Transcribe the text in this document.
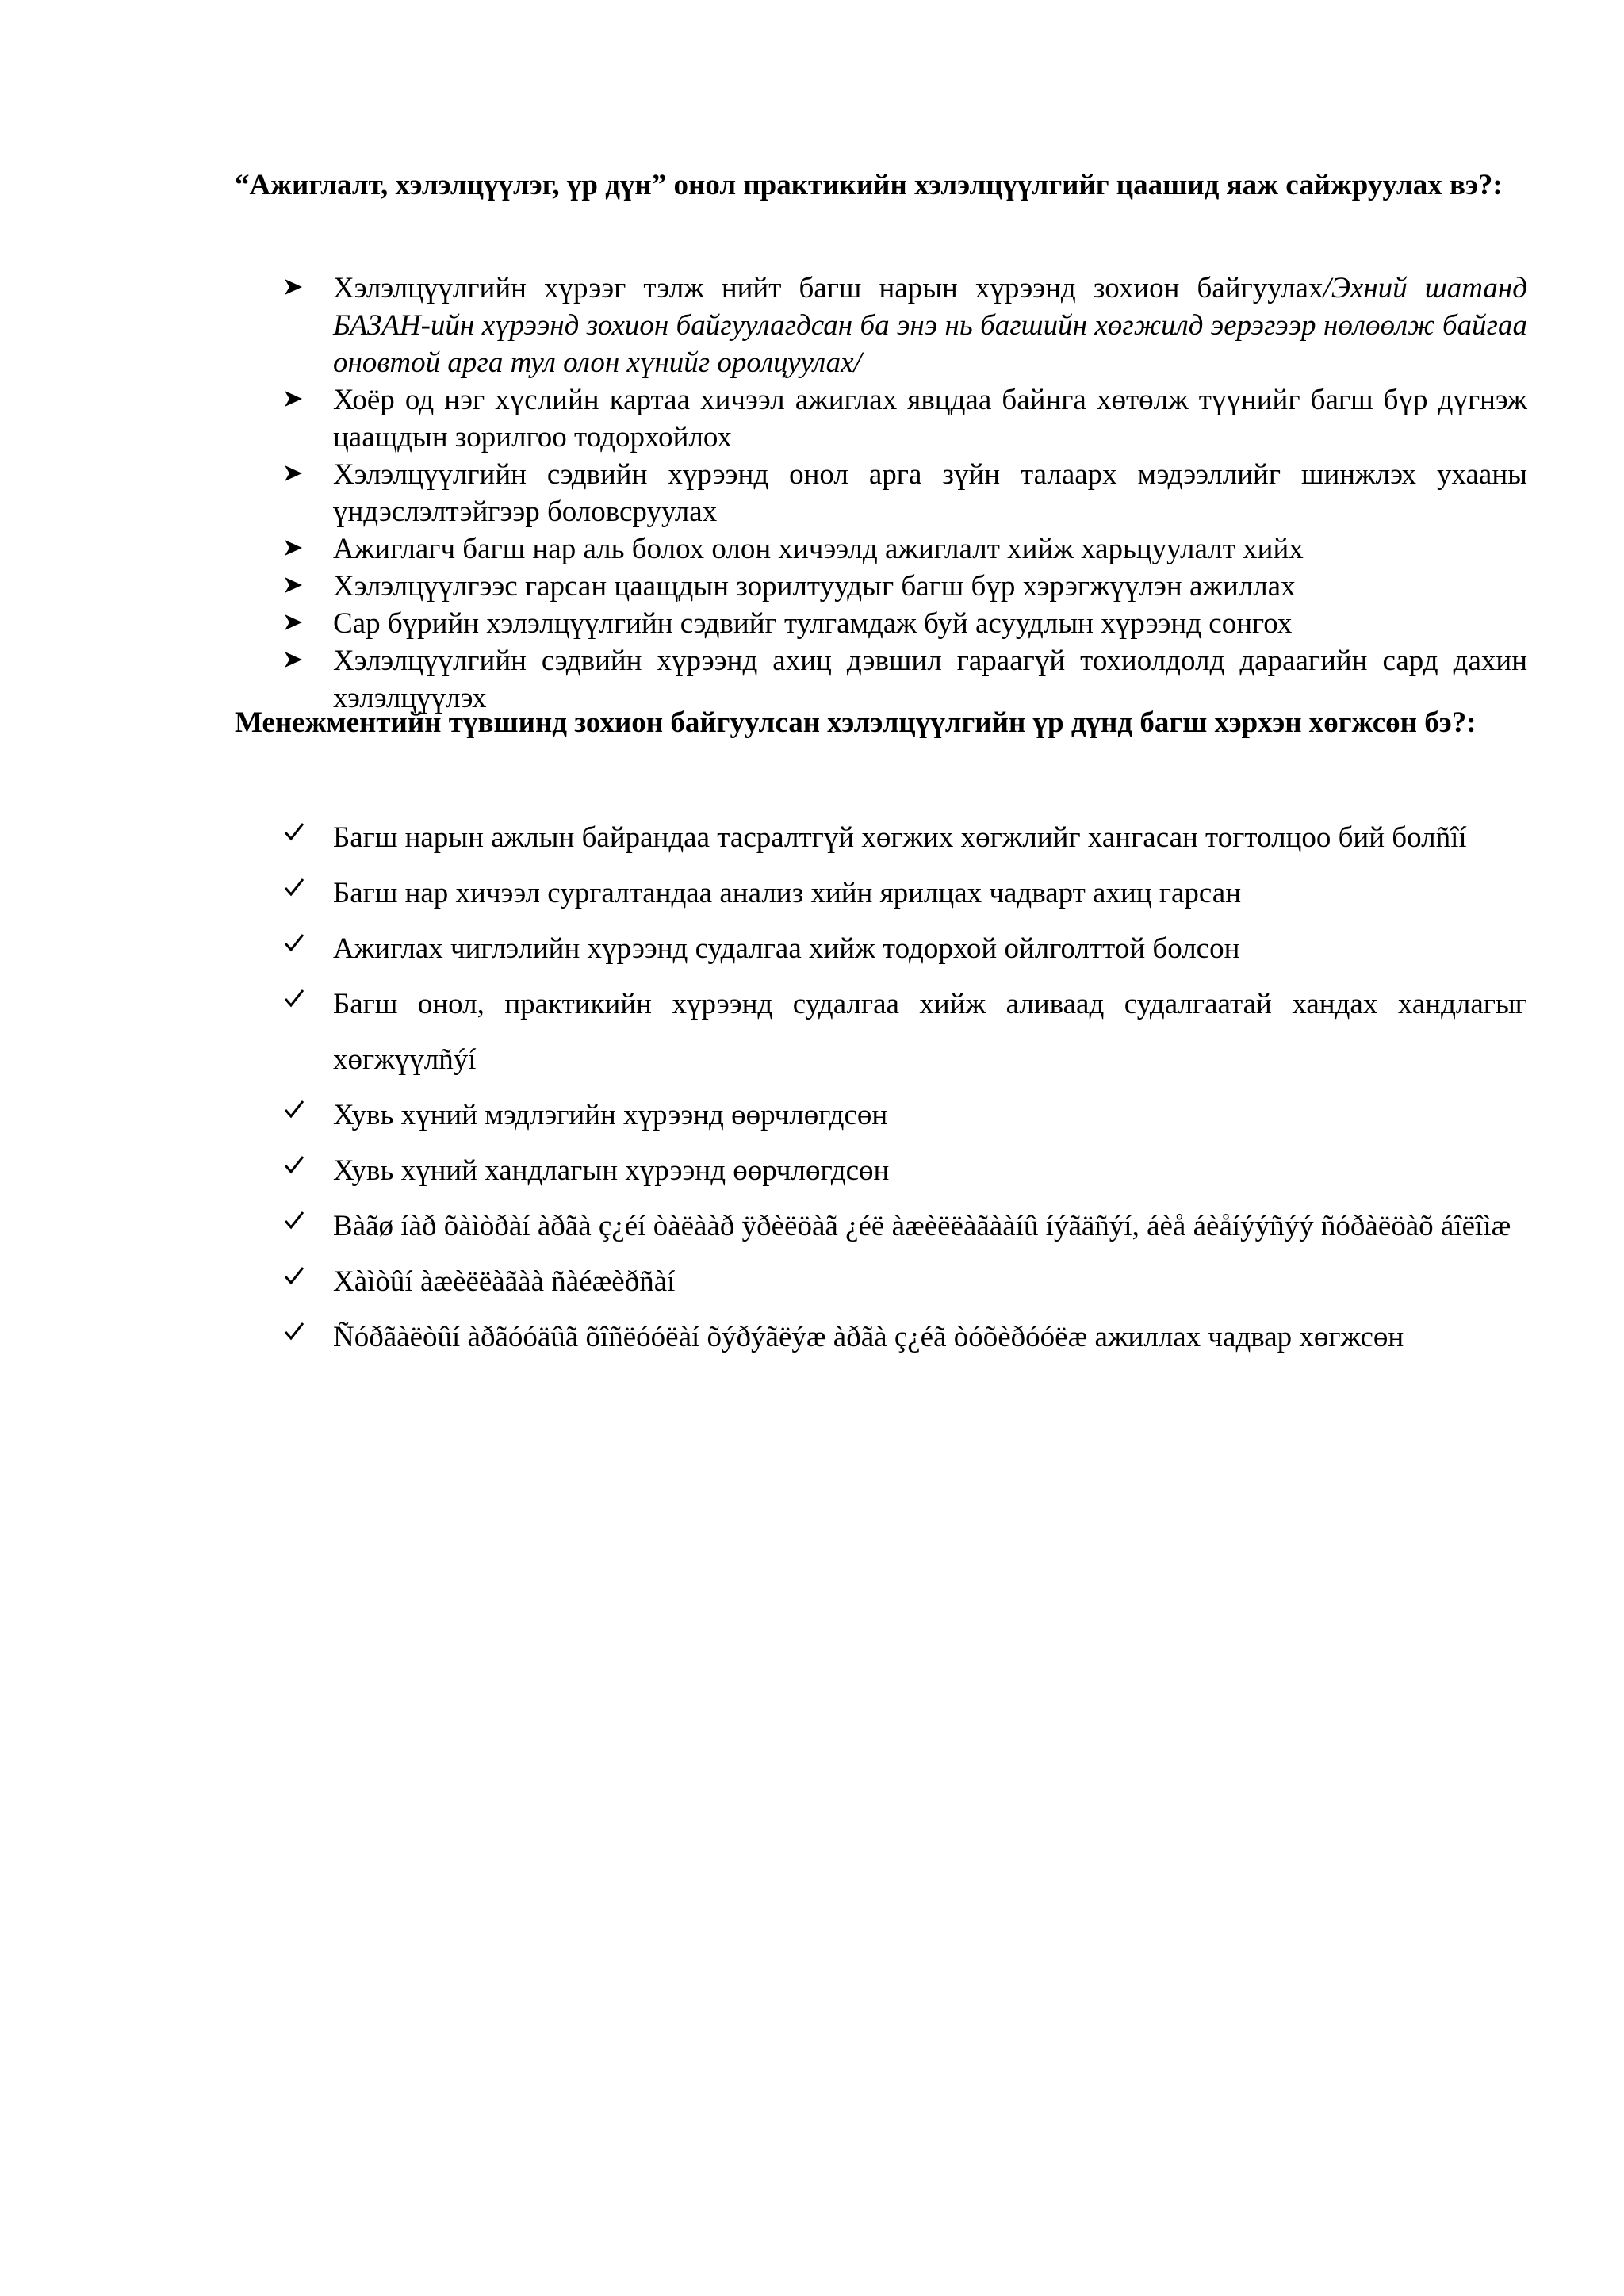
“Ажиглалт, хэлэлцүүлэг, үр дүн” онол практикийн хэлэлцүүлгийг цаашид яаж сайжруулах вэ?:

Хэлэлцүүлгийн хүрээг тэлж нийт багш нарын хүрээнд зохион байгуулах/Эхний шатанд БАЗАН-ийн хүрээнд зохион байгуулагдсан ба энэ нь багшийн хөгжилд эерэгээр нөлөөлж байгаа оновтой арга тул олон хүнийг оролцуулах/
Хоёр од нэг хүслийн картаа хичээл ажиглах явцдаа байнга хөтөлж түүнийг багш бүр дүгнэж цаащдын зорилгоо тодорхойлох
Хэлэлцүүлгийн сэдвийн хүрээнд онол арга зүйн талаарх мэдээллийг шинжлэх ухааны үндэслэлтэйгээр боловсруулах
Ажиглагч багш нар аль болох олон хичээлд ажиглалт хийж харьцуулалт хийх
Хэлэлцүүлгээс гарсан цаащдын зорилтуудыг багш бүр хэрэгжүүлэн ажиллах
Сар бүрийн хэлэлцүүлгийн сэдвийг тулгамдаж буй асуудлын хүрээнд сонгох
Хэлэлцүүлгийн сэдвийн хүрээнд ахиц дэвшил гараагүй тохиолдолд дараагийн сард дахин хэлэлцүүлэх

Менежментийн түвшинд зохион байгуулсан хэлэлцүүлгийн үр дүнд багш хэрхэн хөгжсөн бэ?:

Багш нарын ажлын байрандаа тасралтгүй хөгжих хөгжлийг хангасан тогтолцоо бий болñîí
Багш нар хичээл сургалтандаа анализ хийн ярилцах чадварт ахиц гарсан
Ажиглах чиглэлийн хүрээнд судалгаа хийж тодорхой ойлголттой болсон
Багш онол, практикийн хүрээнд судалгаа хийж аливаад судалгаатай хандах хандлагыг хөгжүүлñýí
Хувь хүний мэдлэгийн хүрээнд өөрчлөгдсөн
Хувь хүний хандлагын хүрээнд өөрчлөгдсөн
Bàãø íàð õàìòðàí àðãà ç¿éí òàëààð ÿðèëöàã ¿éë àæèëëàãààíû íýãäñýí, áèå áèåíýýñýý ñóðàëöàõ áîëîìæ
Xàìòûí àæèëëàãàà ñàéæèðñàí
Ñóðãàëòûí àðãóóäûã õîñëóóëàí õýðýãëýæ àðãà ç¿éã òóõèðóóëæ ажиллах чадвар хөгжсөн
